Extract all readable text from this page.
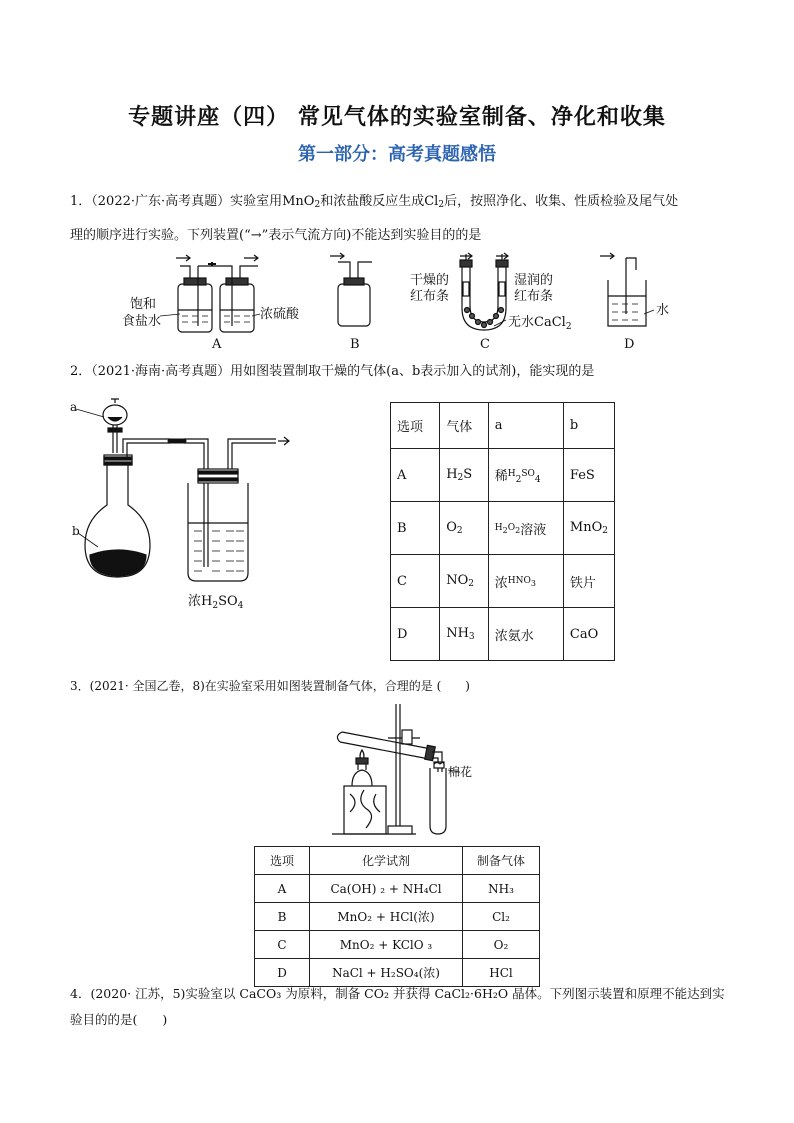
专题讲座（四） 常见气体的实验室制备、净化和收集
第一部分：高考真题感悟
1．（2022·广东·高考真题）实验室用MnO$_2$和浓盐酸反应生成$Cl_2$后，按照净化、收集、性质检验及尾气处
理的顺序进行实验。下列装置(“→”表示气流方向)不能达到实验目的的是
饱和
食盐水	浓硫酸
干燥的
红布条
湿润的
红布条
无水CaCl$_2$
水
A	B	C	D
2．（2021·海南·高考真题）用如图装置制取干燥的气体(a、b表示加入的试剂)，能实现的是
a
b
浓$H_2SO_4$
选项	气体	a	b
A	$H_2S$	稀$^H_2^{SO}_4$	FeS
B	$O_2$	$^H2^O2$溶液	MnO$_2$
C	$NO_2$	浓$^{HNO}$3	铁片
D	$NH_3$	浓氨水	CaO
3．(2021· 全国乙卷，8)在实验室采用如图装置制备气体，合理的是 (　　)
棉花
选项	化学试剂	制备气体
A	Ca(OH) ₂ + NH₄Cl	NH₃
B	MnO₂ + HCl(浓)	Cl₂
C	MnO₂ + KClO ₃	O₂
D	NaCl + H₂SO₄(浓)	HCl
4．(2020· 江苏，5)实验室以 CaCO₃ 为原料，制备 CO₂ 并获得 CaCl₂·6H₂O 晶体。下列图示装置和原理不能达到实
验目的的是(　　)
